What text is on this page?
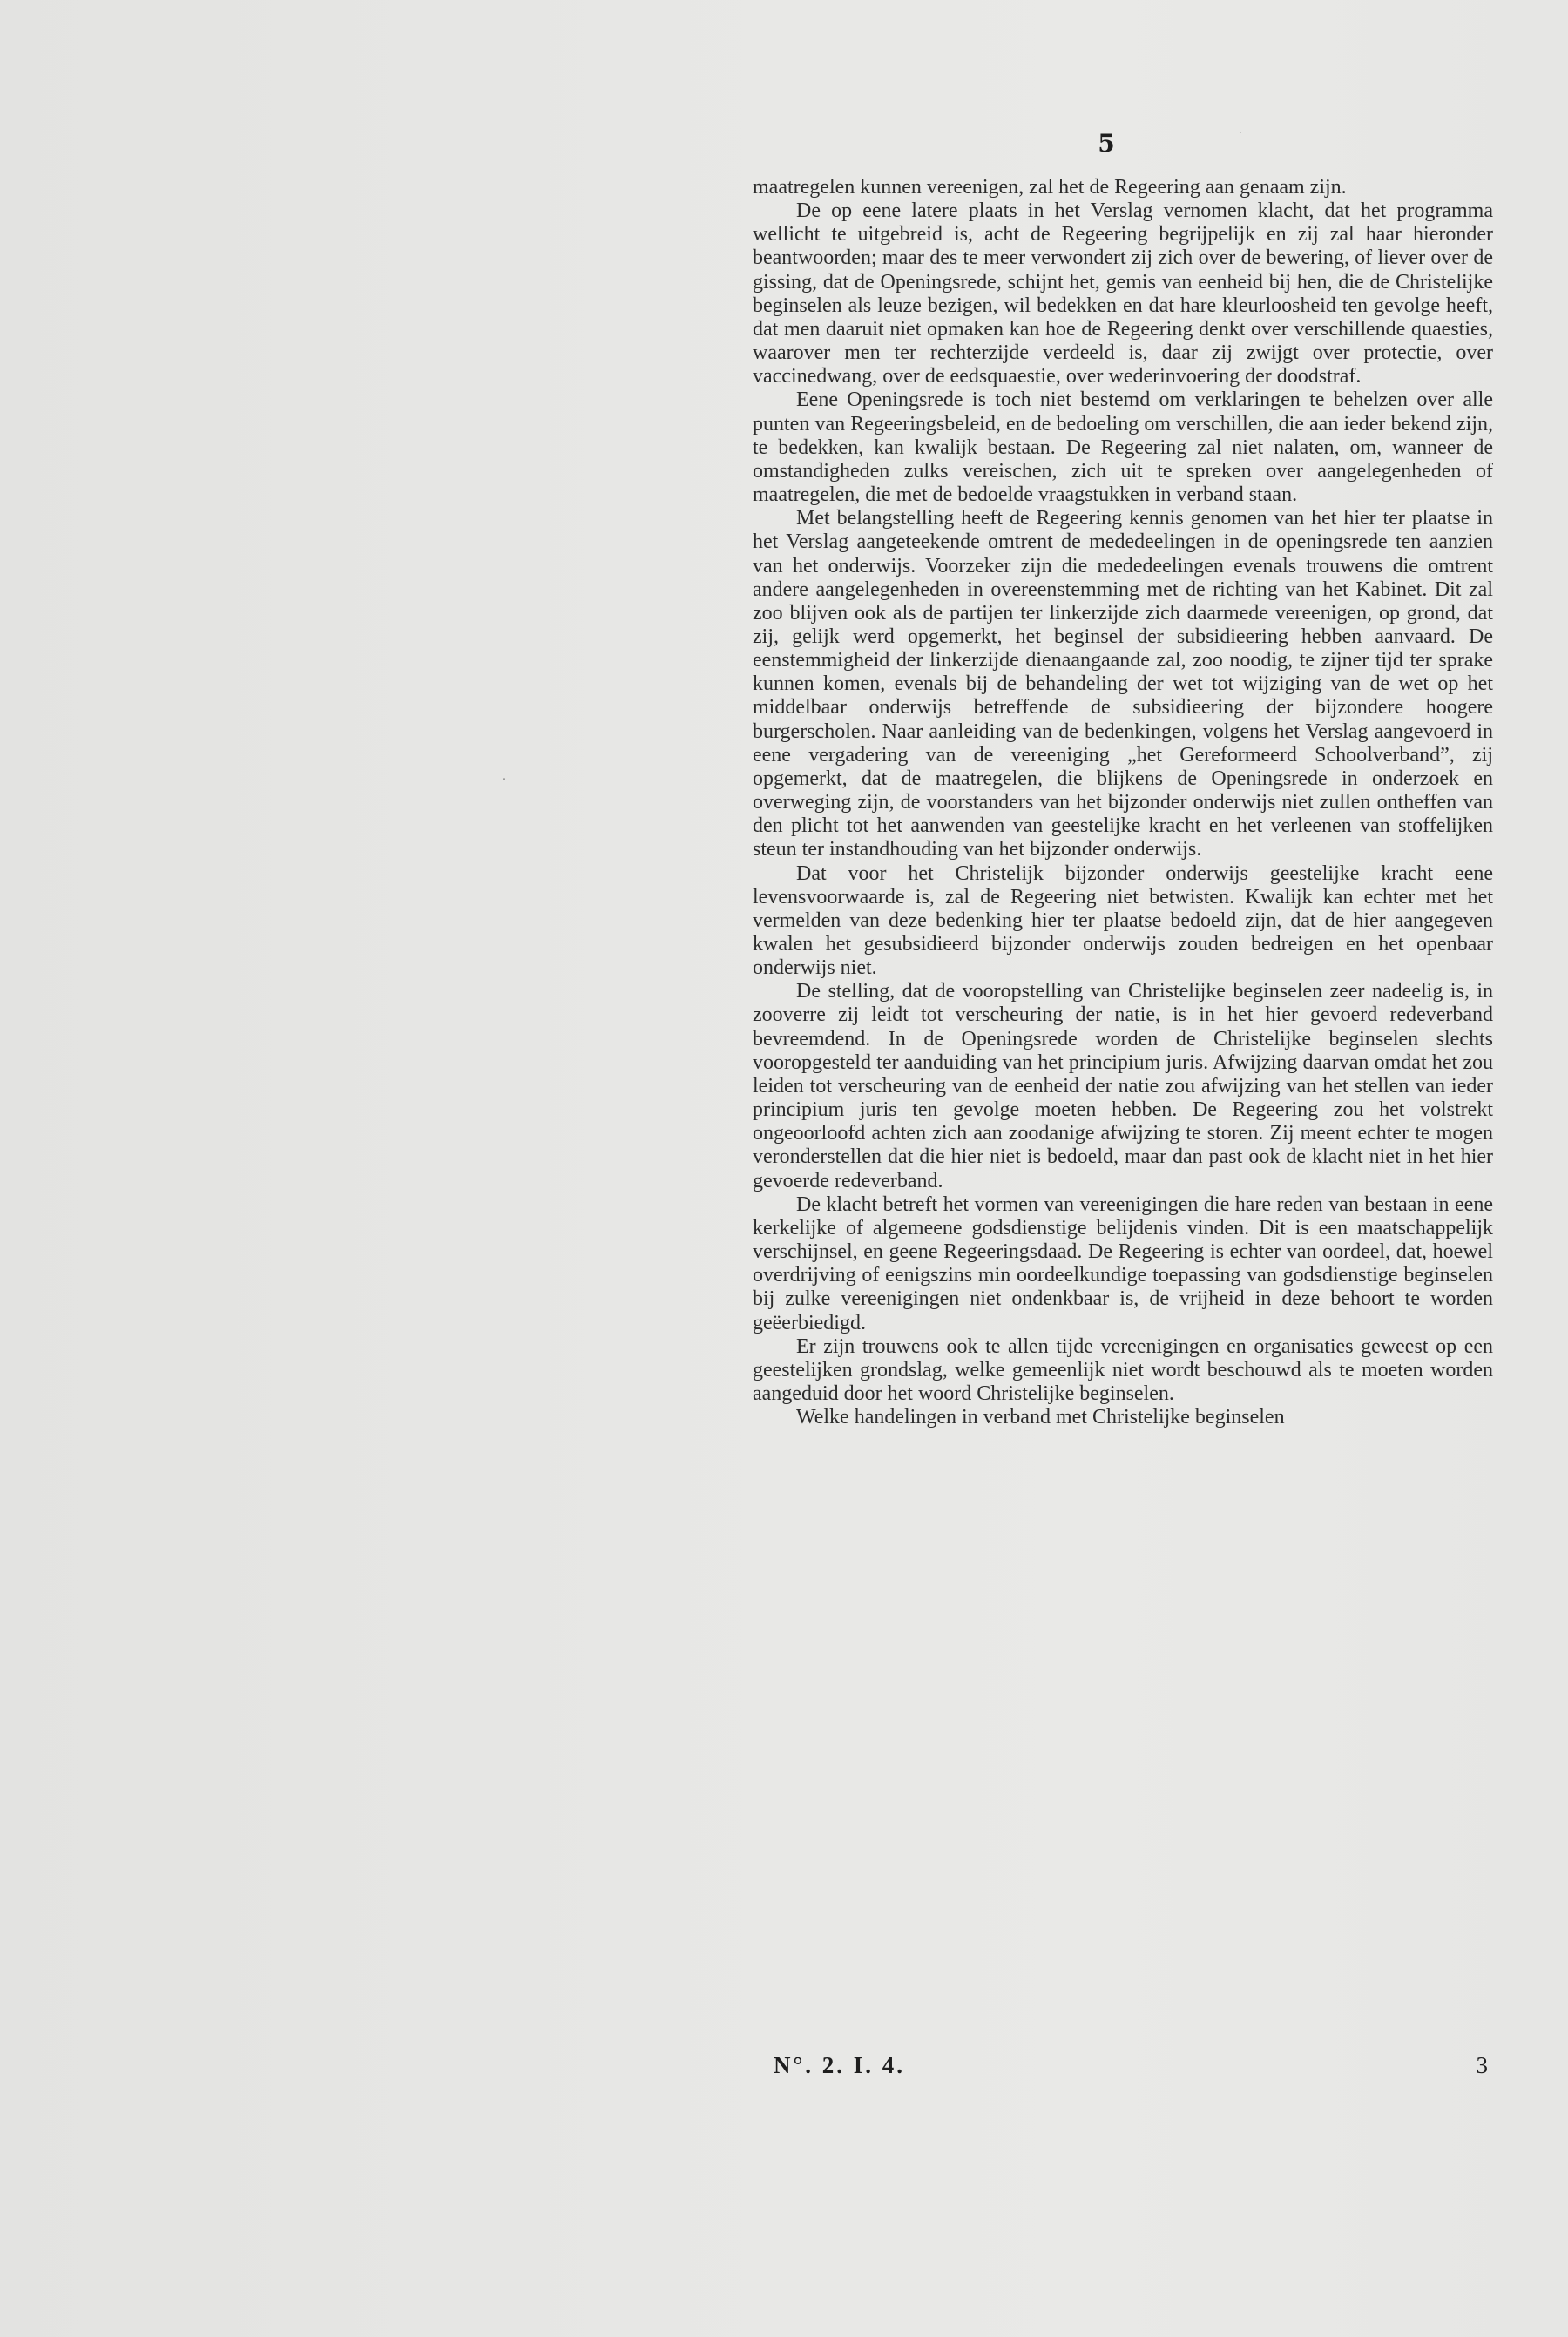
5

maatregelen kunnen vereenigen, zal het de Regeering aan genaam zijn.

De op eene latere plaats in het Verslag vernomen klacht, dat het programma wellicht te uitgebreid is, acht de Regeering begrijpelijk en zij zal haar hieronder beantwoorden; maar des te meer verwondert zij zich over de bewering, of liever over de gissing, dat de Openingsrede, schijnt het, gemis van eenheid bij hen, die de Christelijke beginselen als leuze bezigen, wil bedekken en dat hare kleurloosheid ten gevolge heeft, dat men daaruit niet opmaken kan hoe de Regeering denkt over verschillende quaesties, waarover men ter rechterzijde verdeeld is, daar zij zwijgt over protectie, over vaccinedwang, over de eedsquaestie, over wederinvoering der doodstraf.

Eene Openingsrede is toch niet bestemd om verklaringen te behelzen over alle punten van Regeeringsbeleid, en de bedoeling om verschillen, die aan ieder bekend zijn, te bedekken, kan kwalijk bestaan. De Regeering zal niet nalaten, om, wanneer de omstandigheden zulks vereischen, zich uit te spreken over aangelegenheden of maatregelen, die met de bedoelde vraagstukken in verband staan.

Met belangstelling heeft de Regeering kennis genomen van het hier ter plaatse in het Verslag aangeteekende omtrent de mededeelingen in de openingsrede ten aanzien van het onderwijs. Voorzeker zijn die mededeelingen evenals trouwens die omtrent andere aangelegenheden in overeenstemming met de richting van het Kabinet. Dit zal zoo blijven ook als de partijen ter linkerzijde zich daarmede vereenigen, op grond, dat zij, gelijk werd opgemerkt, het beginsel der subsidieering hebben aanvaard. De eenstemmigheid der linkerzijde dienaangaande zal, zoo noodig, te zijner tijd ter sprake kunnen komen, evenals bij de behandeling der wet tot wijziging van de wet op het middelbaar onderwijs betreffende de subsidieering der bijzondere hoogere burgerscholen. Naar aanleiding van de bedenkingen, volgens het Verslag aangevoerd in eene vergadering van de vereeniging „het Gereformeerd Schoolverband”, zij opgemerkt, dat de maatregelen, die blijkens de Openingsrede in onderzoek en overweging zijn, de voorstanders van het bijzonder onderwijs niet zullen ontheffen van den plicht tot het aanwenden van geestelijke kracht en het verleenen van stoffelijken steun ter instandhouding van het bijzonder onderwijs.

Dat voor het Christelijk bijzonder onderwijs geestelijke kracht eene levensvoorwaarde is, zal de Regeering niet betwisten. Kwalijk kan echter met het vermelden van deze bedenking hier ter plaatse bedoeld zijn, dat de hier aangegeven kwalen het gesubsidieerd bijzonder onderwijs zouden bedreigen en het openbaar onderwijs niet.

De stelling, dat de vooropstelling van Christelijke beginselen zeer nadeelig is, in zooverre zij leidt tot verscheuring der natie, is in het hier gevoerd redeverband bevreemdend. In de Openingsrede worden de Christelijke beginselen slechts vooropgesteld ter aanduiding van het principium juris. Afwijzing daarvan omdat het zou leiden tot verscheuring van de eenheid der natie zou afwijzing van het stellen van ieder principium juris ten gevolge moeten hebben. De Regeering zou het volstrekt ongeoorloofd achten zich aan zoodanige afwijzing te storen. Zij meent echter te mogen veronderstellen dat die hier niet is bedoeld, maar dan past ook de klacht niet in het hier gevoerde redeverband.

De klacht betreft het vormen van vereenigingen die hare reden van bestaan in eene kerkelijke of algemeene godsdienstige belijdenis vinden. Dit is een maatschappelijk verschijnsel, en geene Regeeringsdaad. De Regeering is echter van oordeel, dat, hoewel overdrijving of eenigszins min oordeelkundige toepassing van godsdienstige beginselen bij zulke vereenigingen niet ondenkbaar is, de vrijheid in deze behoort te worden geëerbiedigd.

Er zijn trouwens ook te allen tijde vereenigingen en organisaties geweest op een geestelijken grondslag, welke gemeenlijk niet wordt beschouwd als te moeten worden aangeduid door het woord Christelijke beginselen.

Welke handelingen in verband met Christelijke beginselen

N°. 2. I. 4.	3
